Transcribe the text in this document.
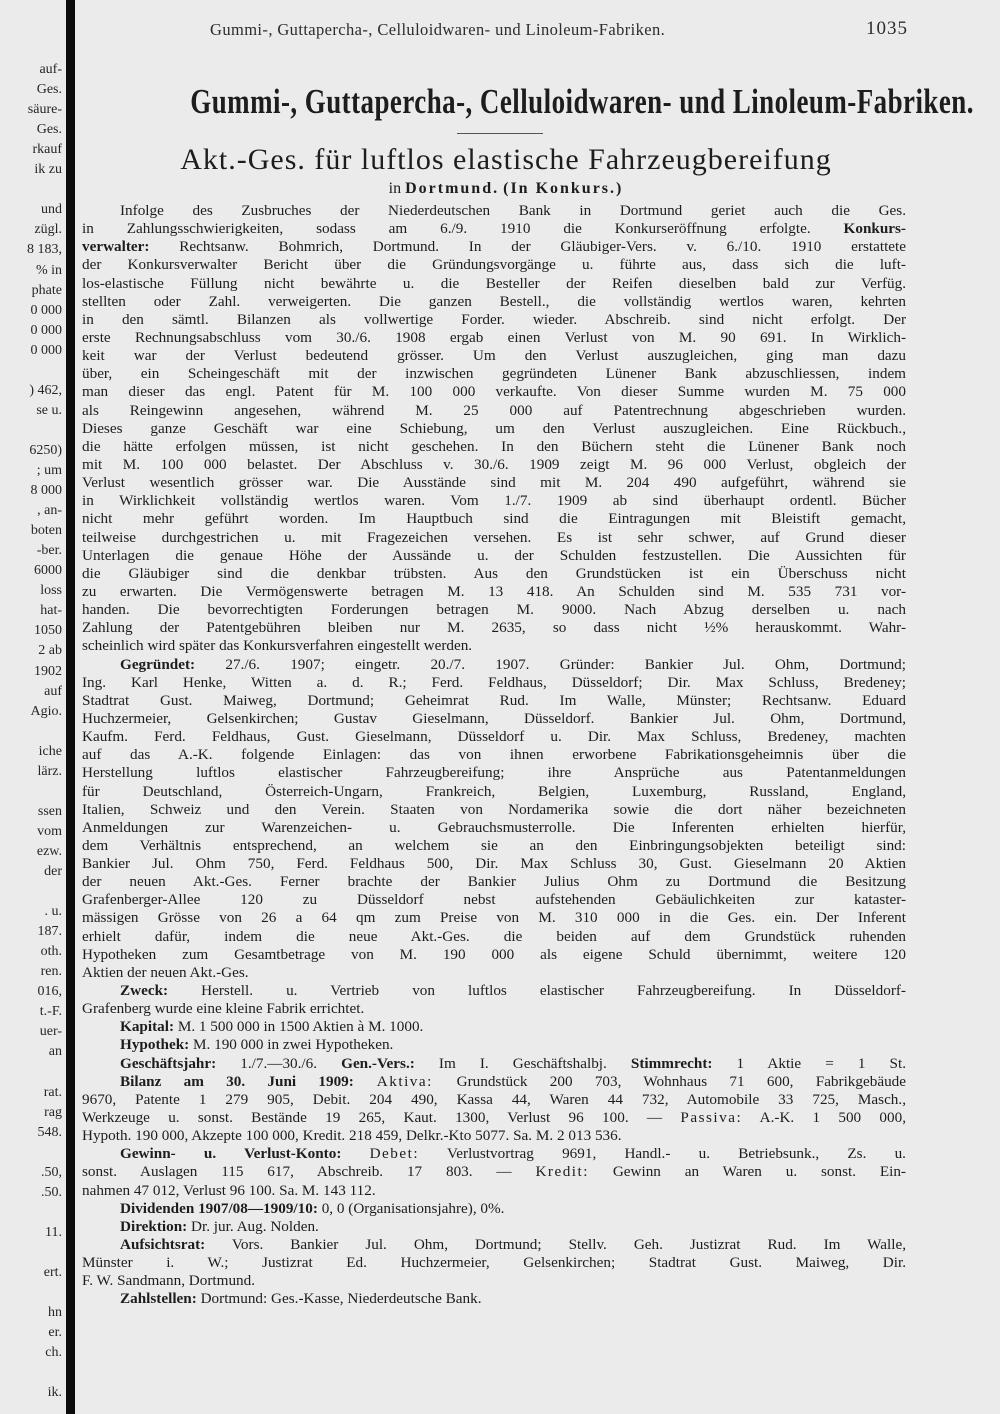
auf-
Ges.
säure-
Ges.
rkauf
ik zu
und
zügl.
8 183,
% in
phate
0 000
0 000
0 000
) 462,
se u.
6250)
; um
8 000
, an-
boten
-ber.
6000
loss
hat-
1050
2 ab
1902
auf
Agio.
iche
lärz.
ssen
vom
ezw.
der
. u.
187.
oth.
ren.
016,
t.-F.
uer-
an
rat.
rag
548.
.50,
.50.
11.
ert.
hn
er.
ch.
ik.
Gummi-, Guttapercha-, Celluloidwaren- und Linoleum-Fabriken.	1035
Gummi-, Guttapercha-, Celluloidwaren- und Linoleum-Fabriken.
Akt.-Ges. für luftlos elastische Fahrzeugbereifung
in Dortmund. (In Konkurs.)
Infolge des Zusbruches der Niederdeutschen Bank in Dortmund geriet auch die Ges.
in Zahlungsschwierigkeiten, sodass am 6./9. 1910 die Konkurseröffnung erfolgte. Konkurs-
verwalter: Rechtsanw. Bohmrich, Dortmund. In der Gläubiger-Vers. v. 6./10. 1910 erstattete
der Konkursverwalter Bericht über die Gründungsvorgänge u. führte aus, dass sich die luft-
los-elastische Füllung nicht bewährte u. die Besteller der Reifen dieselben bald zur Verfüg.
stellten oder Zahl. verweigerten. Die ganzen Bestell., die vollständig wertlos waren, kehrten
in den sämtl. Bilanzen als vollwertige Forder. wieder. Abschreib. sind nicht erfolgt. Der
erste Rechnungsabschluss vom 30./6. 1908 ergab einen Verlust von M. 90 691. In Wirklich-
keit war der Verlust bedeutend grösser. Um den Verlust auszugleichen, ging man dazu
über, ein Scheingeschäft mit der inzwischen gegründeten Lünener Bank abzuschliessen, indem
man dieser das engl. Patent für M. 100 000 verkaufte. Von dieser Summe wurden M. 75 000
als Reingewinn angesehen, während M. 25 000 auf Patentrechnung abgeschrieben wurden.
Dieses ganze Geschäft war eine Schiebung, um den Verlust auszugleichen. Eine Rückbuch.,
die hätte erfolgen müssen, ist nicht geschehen. In den Büchern steht die Lünener Bank noch
mit M. 100 000 belastet. Der Abschluss v. 30./6. 1909 zeigt M. 96 000 Verlust, obgleich der
Verlust wesentlich grösser war. Die Ausstände sind mit M. 204 490 aufgeführt, während sie
in Wirklichkeit vollständig wertlos waren. Vom 1./7. 1909 ab sind überhaupt ordentl. Bücher
nicht mehr geführt worden. Im Hauptbuch sind die Eintragungen mit Bleistift gemacht,
teilweise durchgestrichen u. mit Fragezeichen versehen. Es ist sehr schwer, auf Grund dieser
Unterlagen die genaue Höhe der Aussände u. der Schulden festzustellen. Die Aussichten für
die Gläubiger sind die denkbar trübsten. Aus den Grundstücken ist ein Überschuss nicht
zu erwarten. Die Vermögenswerte betragen M. 13 418. An Schulden sind M. 535 731 vor-
handen. Die bevorrechtigten Forderungen betragen M. 9000. Nach Abzug derselben u. nach
Zahlung der Patentgebühren bleiben nur M. 2635, so dass nicht ½% herauskommt. Wahr-
scheinlich wird später das Konkursverfahren eingestellt werden.
Gegründet: 27./6. 1907; eingetr. 20./7. 1907. Gründer: Bankier Jul. Ohm, Dortmund;
Ing. Karl Henke, Witten a. d. R.; Ferd. Feldhaus, Düsseldorf; Dir. Max Schluss, Bredeney;
Stadtrat Gust. Maiweg, Dortmund; Geheimrat Rud. Im Walle, Münster; Rechtsanw. Eduard
Huchzermeier, Gelsenkirchen; Gustav Gieselmann, Düsseldorf. Bankier Jul. Ohm, Dortmund,
Kaufm. Ferd. Feldhaus, Gust. Gieselmann, Düsseldorf u. Dir. Max Schluss, Bredeney, machten
auf das A.-K. folgende Einlagen: das von ihnen erworbene Fabrikationsgeheimnis über die
Herstellung luftlos elastischer Fahrzeugbereifung; ihre Ansprüche aus Patentanmeldungen
für Deutschland, Österreich-Ungarn, Frankreich, Belgien, Luxemburg, Russland, England,
Italien, Schweiz und den Verein. Staaten von Nordamerika sowie die dort näher bezeichneten
Anmeldungen zur Warenzeichen- u. Gebrauchsmusterrolle. Die Inferenten erhielten hierfür,
dem Verhältnis entsprechend, an welchem sie an den Einbringungsobjekten beteiligt sind:
Bankier Jul. Ohm 750, Ferd. Feldhaus 500, Dir. Max Schluss 30, Gust. Gieselmann 20 Aktien
der neuen Akt.-Ges. Ferner brachte der Bankier Julius Ohm zu Dortmund die Besitzung
Grafenberger-Allee 120 zu Düsseldorf nebst aufstehenden Gebäulichkeiten zur kataster-
mässigen Grösse von 26 a 64 qm zum Preise von M. 310 000 in die Ges. ein. Der Inferent
erhielt dafür, indem die neue Akt.-Ges. die beiden auf dem Grundstück ruhenden
Hypotheken zum Gesamtbetrage von M. 190 000 als eigene Schuld übernimmt, weitere 120
Aktien der neuen Akt.-Ges.
Zweck: Herstell. u. Vertrieb von luftlos elastischer Fahrzeugbereifung. In Düsseldorf-
Grafenberg wurde eine kleine Fabrik errichtet.
Kapital: M. 1 500 000 in 1500 Aktien à M. 1000.
Hypothek: M. 190 000 in zwei Hypotheken.
Geschäftsjahr: 1./7.—30./6. Gen.-Vers.: Im I. Geschäftshalbj. Stimmrecht: 1 Aktie = 1 St.
Bilanz am 30. Juni 1909: Aktiva: Grundstück 200 703, Wohnhaus 71 600, Fabrikgebäude
9670, Patente 1 279 905, Debit. 204 490, Kassa 44, Waren 44 732, Automobile 33 725, Masch.,
Werkzeuge u. sonst. Bestände 19 265, Kaut. 1300, Verlust 96 100. — Passiva: A.-K. 1 500 000,
Hypoth. 190 000, Akzepte 100 000, Kredit. 218 459, Delkr.-Kto 5077. Sa. M. 2 013 536.
Gewinn- u. Verlust-Konto: Debet: Verlustvortrag 9691, Handl.- u. Betriebsunk., Zs. u.
sonst. Auslagen 115 617, Abschreib. 17 803. — Kredit: Gewinn an Waren u. sonst. Ein-
nahmen 47 012, Verlust 96 100. Sa. M. 143 112.
Dividenden 1907/08—1909/10: 0, 0 (Organisationsjahre), 0%.
Direktion: Dr. jur. Aug. Nolden.
Aufsichtsrat: Vors. Bankier Jul. Ohm, Dortmund; Stellv. Geh. Justizrat Rud. Im Walle,
Münster i. W.; Justizrat Ed. Huchzermeier, Gelsenkirchen; Stadtrat Gust. Maiweg, Dir.
F. W. Sandmann, Dortmund.
Zahlstellen: Dortmund: Ges.-Kasse, Niederdeutsche Bank.
